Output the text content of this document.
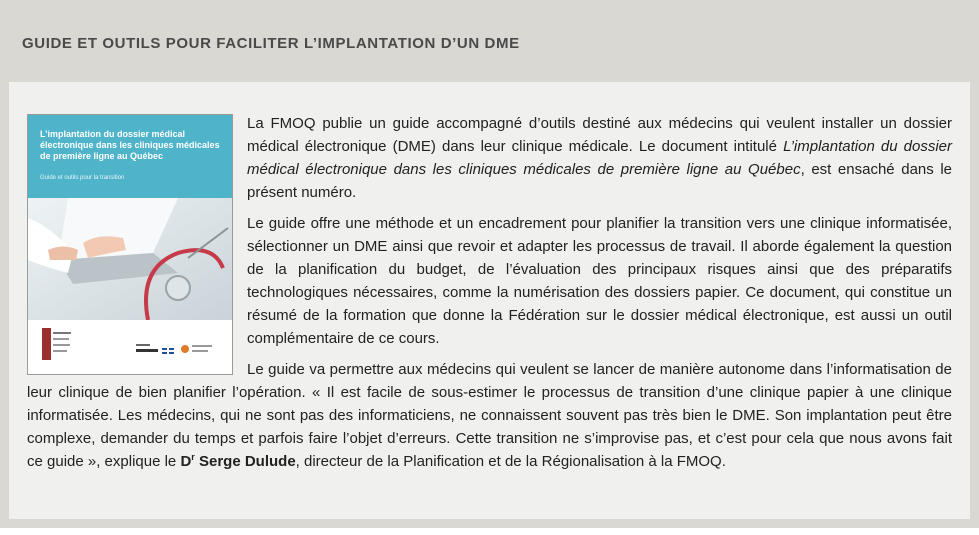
GUIDE ET OUTILS POUR FACILITER L’IMPLANTATION D’UN DME
L’implantation du dossier médical électronique dans les cliniques médicales de première ligne au Québec
Guide et outils pour la transition

La FMOQ publie un guide accompagné d’outils destiné aux médecins qui veulent installer un dossier médical électronique (DME) dans leur clinique médicale. Le document intitulé L’implantation du dossier médical électronique dans les cliniques médicales de première ligne au Québec, est ensaché dans le présent numéro.

Le guide offre une méthode et un encadrement pour planifier la transition vers une clinique informatisée, sélectionner un DME ainsi que revoir et adapter les processus de travail. Il aborde également la question de la planification du budget, de l’évaluation des principaux risques ainsi que des préparatifs technologiques nécessaires, comme la numérisation des dossiers papier. Ce document, qui constitue un résumé de la formation que donne la Fédération sur le dossier médical électronique, est aussi un outil complémentaire de ce cours.

Le guide va permettre aux médecins qui veulent se lancer de manière autonome dans l’informatisation de leur clinique de bien planifier l’opération. « Il est facile de sous-estimer le processus de transition d’une clinique papier à une clinique informatisée. Les médecins, qui ne sont pas des informaticiens, ne connaissent souvent pas très bien le DME. Son implantation peut être complexe, demander du temps et parfois faire l’objet d’erreurs. Cette transition ne s’improvise pas, et c’est pour cela que nous avons fait ce guide », explique le $D^r$ Serge Dulude, directeur de la Planification et de la Régionalisation à la FMOQ.
